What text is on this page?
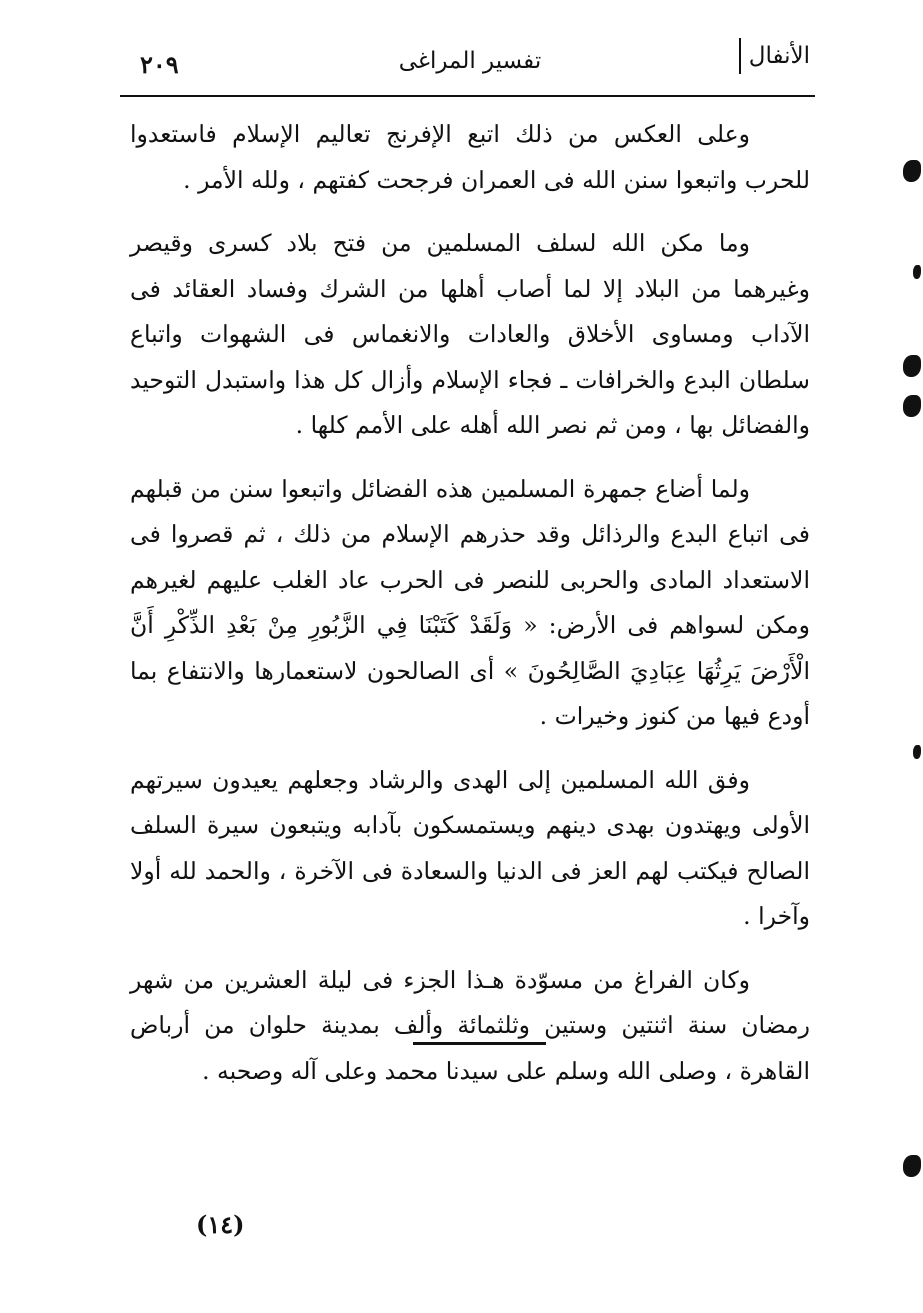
٢٠٩	تفسير المراغى	الأنفال

وعلى العكس من ذلك اتبع الإفرنج تعاليم الإسلام فاستعدوا للحرب واتبعوا سنن الله فى العمران فرجحت كفتهم ، ولله الأمر .

وما مكن الله لسلف المسلمين من فتح بلاد كسرى وقيصر وغيرهما من البلاد إلا لما أصاب أهلها من الشرك وفساد العقائد فى الآداب ومساوى الأخلاق والعادات والانغماس فى الشهوات واتباع سلطان البدع والخرافات ـ فجاء الإسلام وأزال كل هذا واستبدل التوحيد والفضائل بها ، ومن ثم نصر الله أهله على الأمم كلها .

ولما أضاع جمهرة المسلمين هذه الفضائل واتبعوا سنن من قبلهم فى اتباع البدع والرذائل وقد حذرهم الإسلام من ذلك ، ثم قصروا فى الاستعداد المادى والحربى للنصر فى الحرب عاد الغلب عليهم لغيرهم ومكن لسواهم فى الأرض: « وَلَقَدْ كَتَبْنَا فِي الزَّبُورِ مِنْ بَعْدِ الذِّكْرِ أَنَّ الْأَرْضَ يَرِثُهَا عِبَادِيَ الصَّالِحُونَ » أى الصالحون لاستعمارها والانتفاع بما أودع فيها من كنوز وخيرات .

وفق الله المسلمين إلى الهدى والرشاد وجعلهم يعيدون سيرتهم الأولى ويهتدون بهدى دينهم ويستمسكون بآدابه ويتبعون سيرة السلف الصالح فيكتب لهم العز فى الدنيا والسعادة فى الآخرة ، والحمد لله أولا وآخرا .

وكان الفراغ من مسوّدة هـذا الجزء فى ليلة العشرين من شهر رمضان سنة اثنتين وستين وثلثمائة وألف بمدينة حلوان من أرباض القاهرة ، وصلى الله وسلم على سيدنا محمد وعلى آله وصحبه .

(١٤)
